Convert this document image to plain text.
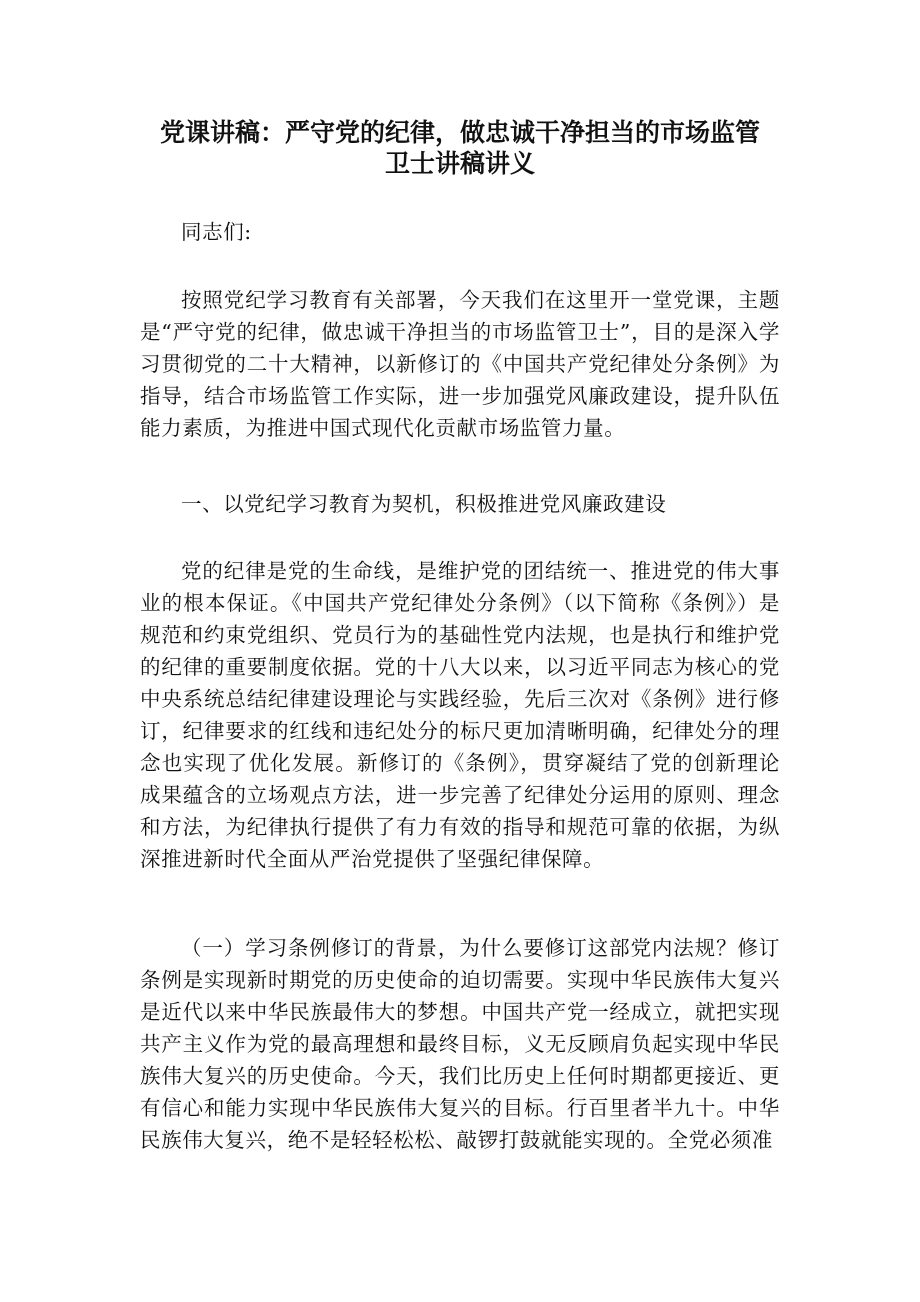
党课讲稿：严守党的纪律，做忠诚干净担当的市场监管
卫士讲稿讲义

同志们:

按照党纪学习教育有关部署，今天我们在这里开一堂党课，主题是“严守党的纪律，做忠诚干净担当的市场监管卫士”，目的是深入学习贯彻党的二十大精神，以新修订的《中国共产党纪律处分条例》为指导，结合市场监管工作实际，进一步加强党风廉政建设，提升队伍能力素质，为推进中国式现代化贡献市场监管力量。

一、以党纪学习教育为契机，积极推进党风廉政建设

党的纪律是党的生命线，是维护党的团结统一、推进党的伟大事业的根本保证。《中国共产党纪律处分条例》（以下简称《条例》）是规范和约束党组织、党员行为的基础性党内法规，也是执行和维护党的纪律的重要制度依据。党的十八大以来，以习近平同志为核心的党中央系统总结纪律建设理论与实践经验，先后三次对《条例》进行修订，纪律要求的红线和违纪处分的标尺更加清晰明确，纪律处分的理念也实现了优化发展。新修订的《条例》，贯穿凝结了党的创新理论成果蕴含的立场观点方法，进一步完善了纪律处分运用的原则、理念和方法，为纪律执行提供了有力有效的指导和规范可靠的依据，为纵深推进新时代全面从严治党提供了坚强纪律保障。

（一）学习条例修订的背景，为什么要修订这部党内法规？修订条例是实现新时期党的历史使命的迫切需要。实现中华民族伟大复兴是近代以来中华民族最伟大的梦想。中国共产党一经成立，就把实现共产主义作为党的最高理想和最终目标，义无反顾肩负起实现中华民族伟大复兴的历史使命。今天，我们比历史上任何时期都更接近、更有信心和能力实现中华民族伟大复兴的目标。行百里者半九十。中华民族伟大复兴，绝不是轻轻松松、敲锣打鼓就能实现的。全党必须准
